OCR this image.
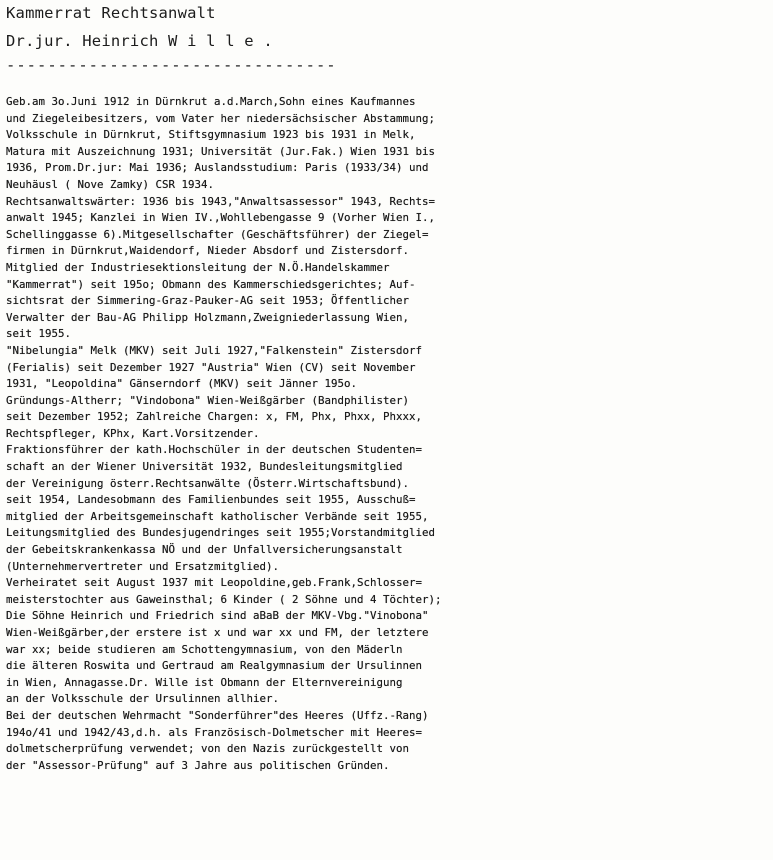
Kammerrat Rechtsanwalt
Dr.jur. Heinrich W i l l e .
--------------------------------
Geb.am 3o.Juni 1912 in Dürnkrut a.d.March,Sohn eines Kaufmannes
und Ziegeleibesitzers, vom Vater her niedersächsischer Abstammung;
Volksschule in Dürnkrut, Stiftsgymnasium 1923 bis 1931 in Melk,
Matura mit Auszeichnung 1931; Universität (Jur.Fak.) Wien 1931 bis
1936, Prom.Dr.jur: Mai 1936; Auslandsstudium: Paris (1933/34) und
Neuhäusl ( Nove Zamky) CSR 1934.
Rechtsanwaltswärter: 1936 bis 1943,"Anwaltsassessor" 1943, Rechts=
anwalt 1945; Kanzlei in Wien IV.,Wohllebengasse 9 (Vorher Wien I.,
Schellinggasse 6).Mitgesellschafter (Geschäftsführer) der Ziegel=
firmen in Dürnkrut,Waidendorf, Nieder Absdorf und Zistersdorf.
Mitglied der Industriesektionsleitung der N.Ö.Handelskammer
"Kammerrat") seit 195o; Obmann des Kammerschiedsgerichtes; Auf-
sichtsrat der Simmering-Graz-Pauker-AG seit 1953; Öffentlicher
Verwalter der Bau-AG Philipp Holzmann,Zweigniederlassung Wien,
seit 1955.
"Nibelungia" Melk (MKV) seit Juli 1927,"Falkenstein" Zistersdorf
(Ferialis) seit Dezember 1927 "Austria" Wien (CV) seit November
1931, "Leopoldina" Gänserndorf (MKV) seit Jänner 195o.
Gründungs-Altherr; "Vindobona" Wien-Weißgärber (Bandphilister)
seit Dezember 1952; Zahlreiche Chargen: x, FM, Phx, Phxx, Phxxx,
Rechtspfleger, KPhx, Kart.Vorsitzender.
Fraktionsführer der kath.Hochschüler in der deutschen Studenten=
schaft an der Wiener Universität 1932, Bundesleitungsmitglied
der Vereinigung österr.Rechtsanwälte (Österr.Wirtschaftsbund).
seit 1954, Landesobmann des Familienbundes seit 1955, Ausschuß=
mitglied der Arbeitsgemeinschaft katholischer Verbände seit 1955,
Leitungsmitglied des Bundesjugendringes seit 1955;Vorstandmitglied
der Gebeitskrankenkassa NÖ und der Unfallversicherungsanstalt
(Unternehmervertreter und Ersatzmitglied).
Verheiratet seit August 1937 mit Leopoldine,geb.Frank,Schlosser=
meisterstochter aus Gaweinsthal; 6 Kinder ( 2 Söhne und 4 Töchter);
Die Söhne Heinrich und Friedrich sind aBaB der MKV-Vbg."Vinobona"
Wien-Weißgärber,der erstere ist x und war xx und FM, der letztere
war xx; beide studieren am Schottengymnasium, von den Mäderln
die älteren Roswita und Gertraud am Realgymnasium der Ursulinnen
in Wien, Annagasse.Dr. Wille ist Obmann der Elternvereinigung
an der Volksschule der Ursulinnen allhier.
Bei der deutschen Wehrmacht "Sonderführer"des Heeres (Uffz.-Rang)
194o/41 und 1942/43,d.h. als Französisch-Dolmetscher mit Heeres=
dolmetscherprüfung verwendet; von den Nazis zurückgestellt von
der "Assessor-Prüfung" auf 3 Jahre aus politischen Gründen.
